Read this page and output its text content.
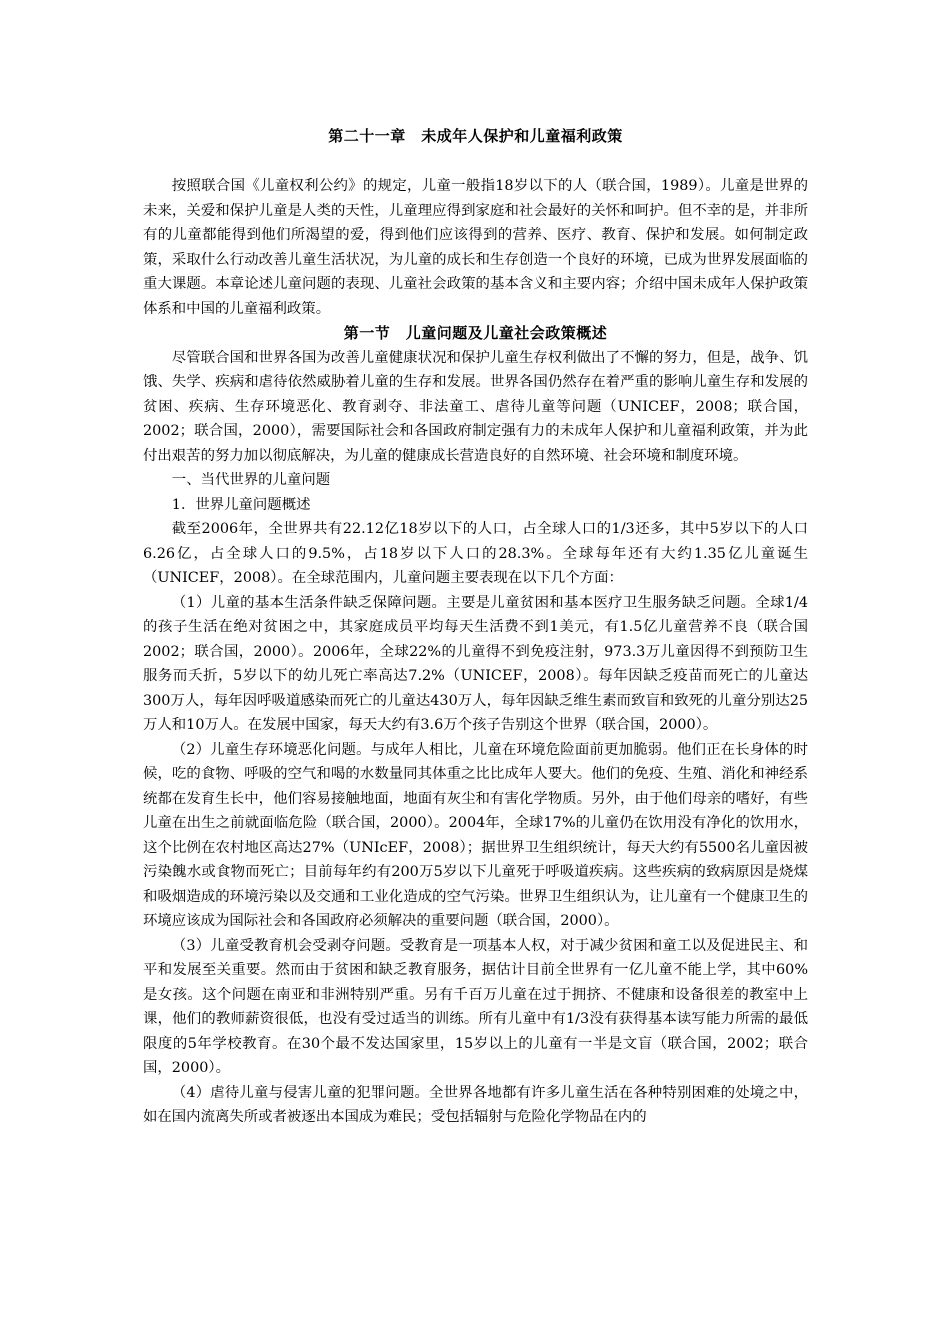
第二十一章　未成年人保护和儿童福利政策

按照联合国《儿童权利公约》的规定，儿童一般指18岁以下的人（联合国，1989）。儿童是世界的未来，关爱和保护儿童是人类的天性，儿童理应得到家庭和社会最好的关怀和呵护。但不幸的是，并非所有的儿童都能得到他们所渴望的爱，得到他们应该得到的营养、医疗、教育、保护和发展。如何制定政策，采取什么行动改善儿童生活状况，为儿童的成长和生存创造一个良好的环境，已成为世界发展面临的重大课题。本章论述儿童问题的表现、儿童社会政策的基本含义和主要内容；介绍中国未成年人保护政策体系和中国的儿童福利政策。

第一节　儿童问题及儿童社会政策概述

尽管联合国和世界各国为改善儿童健康状况和保护儿童生存权利做出了不懈的努力，但是，战争、饥饿、失学、疾病和虐待依然威胁着儿童的生存和发展。世界各国仍然存在着严重的影响儿童生存和发展的贫困、疾病、生存环境恶化、教育剥夺、非法童工、虐待儿童等问题（UNICEF，2008；联合国，2002；联合国，2000），需要国际社会和各国政府制定强有力的未成年人保护和儿童福利政策，并为此付出艰苦的努力加以彻底解决，为儿童的健康成长营造良好的自然环境、社会环境和制度环境。

一、当代世界的儿童问题

1．世界儿童问题概述

截至2006年，全世界共有22.12亿18岁以下的人口，占全球人口的1/3还多，其中5岁以下的人口6.26亿，占全球人口的9.5%，占18岁以下人口的28.3%。全球每年还有大约1.35亿儿童诞生（UNICEF，2008）。在全球范围内，儿童问题主要表现在以下几个方面：

（1）儿童的基本生活条件缺乏保障问题。主要是儿童贫困和基本医疗卫生服务缺乏问题。全球1/4的孩子生活在绝对贫困之中，其家庭成员平均每天生活费不到1美元，有1.5亿儿童营养不良（联合国2002；联合国，2000）。2006年，全球22%的儿童得不到免疫注射，973.3万儿童因得不到预防卫生服务而夭折，5岁以下的幼儿死亡率高达7.2%（UNICEF，2008）。每年因缺乏疫苗而死亡的儿童达300万人，每年因呼吸道感染而死亡的儿童达430万人，每年因缺乏维生素而致盲和致死的儿童分别达25万人和10万人。在发展中国家，每天大约有3.6万个孩子告别这个世界（联合国，2000）。

（2）儿童生存环境恶化问题。与成年人相比，儿童在环境危险面前更加脆弱。他们正在长身体的时候，吃的食物、呼吸的空气和喝的水数量同其体重之比比成年人要大。他们的免疫、生殖、消化和神经系统都在发育生长中，他们容易接触地面，地面有灰尘和有害化学物质。另外，由于他们母亲的嗜好，有些儿童在出生之前就面临危险（联合国，2000）。2004年，全球17%的儿童仍在饮用没有净化的饮用水，这个比例在农村地区高达27%（UNIcEF，2008）；据世界卫生组织统计，每天大约有5500名儿童因被污染餽水或食物而死亡；目前每年约有200万5岁以下儿童死于呼吸道疾病。这些疾病的致病原因是烧煤和吸烟造成的环境污染以及交通和工业化造成的空气污染。世界卫生组织认为，让儿童有一个健康卫生的环境应该成为国际社会和各国政府必须解决的重要问题（联合国，2000）。

（3）儿童受教育机会受剥夺问题。受教育是一项基本人权，对于减少贫困和童工以及促进民主、和平和发展至关重要。然而由于贫困和缺乏教育服务，据估计目前全世界有一亿儿童不能上学，其中60%是女孩。这个问题在南亚和非洲特别严重。另有千百万儿童在过于拥挤、不健康和设备很差的教室中上课，他们的教师薪资很低，也没有受过适当的训练。所有儿童中有1/3没有获得基本读写能力所需的最低限度的5年学校教育。在30个最不发达国家里，15岁以上的儿童有一半是文盲（联合国，2002；联合国，2000）。

（4）虐待儿童与侵害儿童的犯罪问题。全世界各地都有许多儿童生活在各种特别困难的处境之中，如在国内流离失所或者被逐出本国成为难民；受包括辐射与危险化学物品在内的
